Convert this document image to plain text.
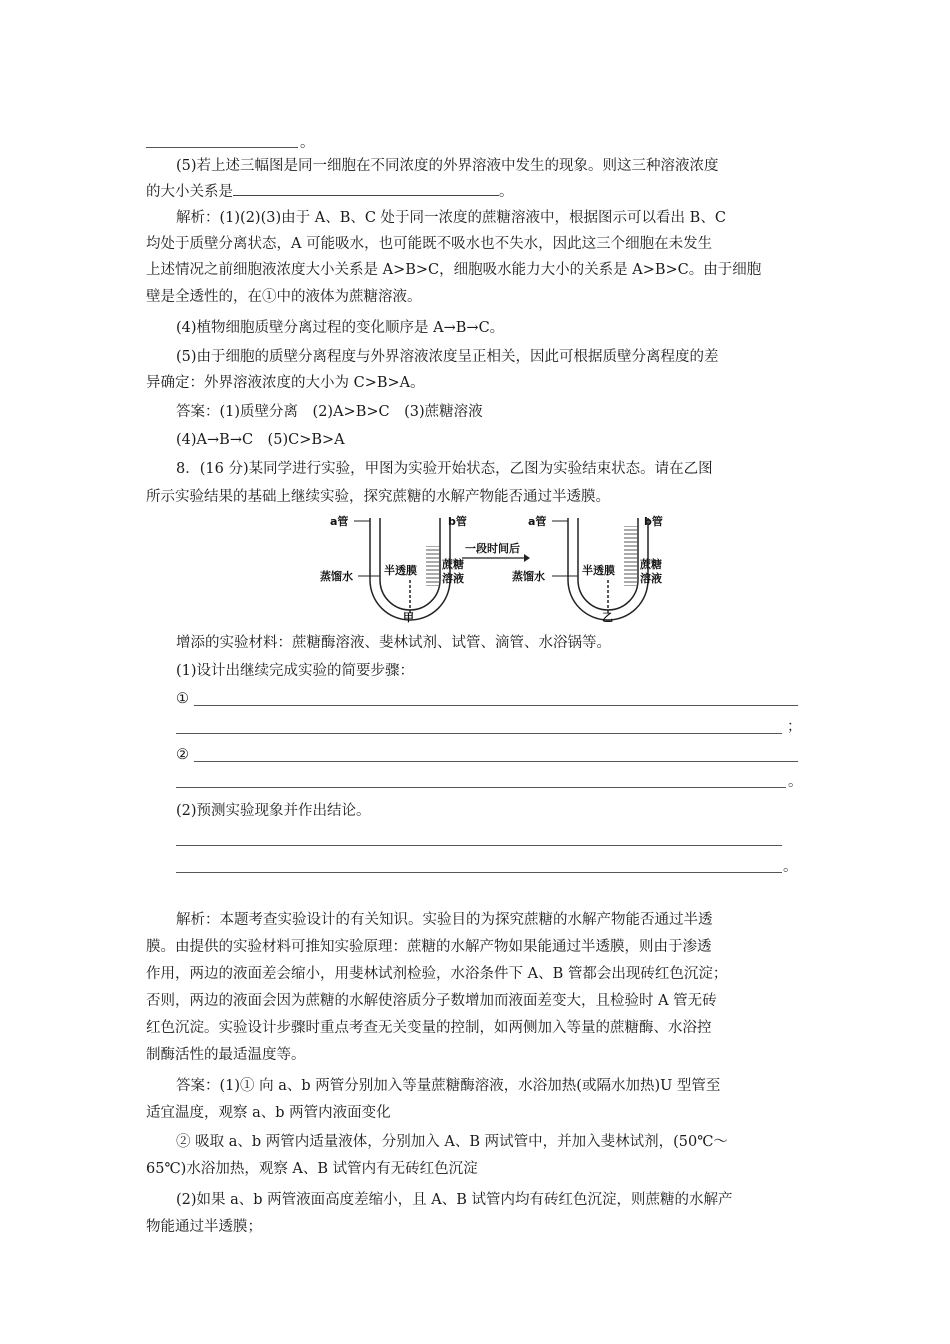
。
(5)若上述三幅图是同一细胞在不同浓度的外界溶液中发生的现象。则这三种溶液浓度
的大小关系是	。
解析：(1)(2)(3)由于 A、B、C 处于同一浓度的蔗糖溶液中，根据图示可以看出 B、C
均处于质壁分离状态，A 可能吸水，也可能既不吸水也不失水，因此这三个细胞在未发生
上述情况之前细胞液浓度大小关系是 A>B>C，细胞吸水能力大小的关系是 A>B>C。由于细胞
壁是全透性的，在①中的液体为蔗糖溶液。
(4)植物细胞质壁分离过程的变化顺序是 A→B→C。
(5)由于细胞的质壁分离程度与外界溶液浓度呈正相关，因此可根据质壁分离程度的差
异确定：外界溶液浓度的大小为 C>B>A。
答案：(1)质壁分离　(2)A>B>C　(3)蔗糖溶液
(4)A→B→C　(5)C>B>A
8．(16 分)某同学进行实验，甲图为实验开始状态，乙图为实验结束状态。请在乙图
所示实验结果的基础上继续实验，探究蔗糖的水解产物能否通过半透膜。
a管	b管
蒸馏水	半透膜 蔗糖
溶液
甲
一段时间后
a管	b管
蒸馏水	半透膜 蔗糖
溶液
乙
增添的实验材料：蔗糖酶溶液、斐林试剂、试管、滴管、水浴锅等。
(1)设计出继续完成实验的简要步骤：
①
；
②
。
(2)预测实验现象并作出结论。
。
解析：本题考查实验设计的有关知识。实验目的为探究蔗糖的水解产物能否通过半透
膜。由提供的实验材料可推知实验原理：蔗糖的水解产物如果能通过半透膜，则由于渗透
作用，两边的液面差会缩小，用斐林试剂检验，水浴条件下 A、B 管都会出现砖红色沉淀；
否则，两边的液面会因为蔗糖的水解使溶质分子数增加而液面差变大，且检验时 A 管无砖
红色沉淀。实验设计步骤时重点考查无关变量的控制，如两侧加入等量的蔗糖酶、水浴控
制酶活性的最适温度等。
答案：(1)① 向 a、b 两管分别加入等量蔗糖酶溶液，水浴加热(或隔水加热)U 型管至
适宜温度，观察 a、b 两管内液面变化
② 吸取 a、b 两管内适量液体，分别加入 A、B 两试管中，并加入斐林试剂，(50℃～
65℃)水浴加热，观察 A、B 试管内有无砖红色沉淀
(2)如果 a、b 两管液面高度差缩小，且 A、B 试管内均有砖红色沉淀，则蔗糖的水解产
物能通过半透膜；
